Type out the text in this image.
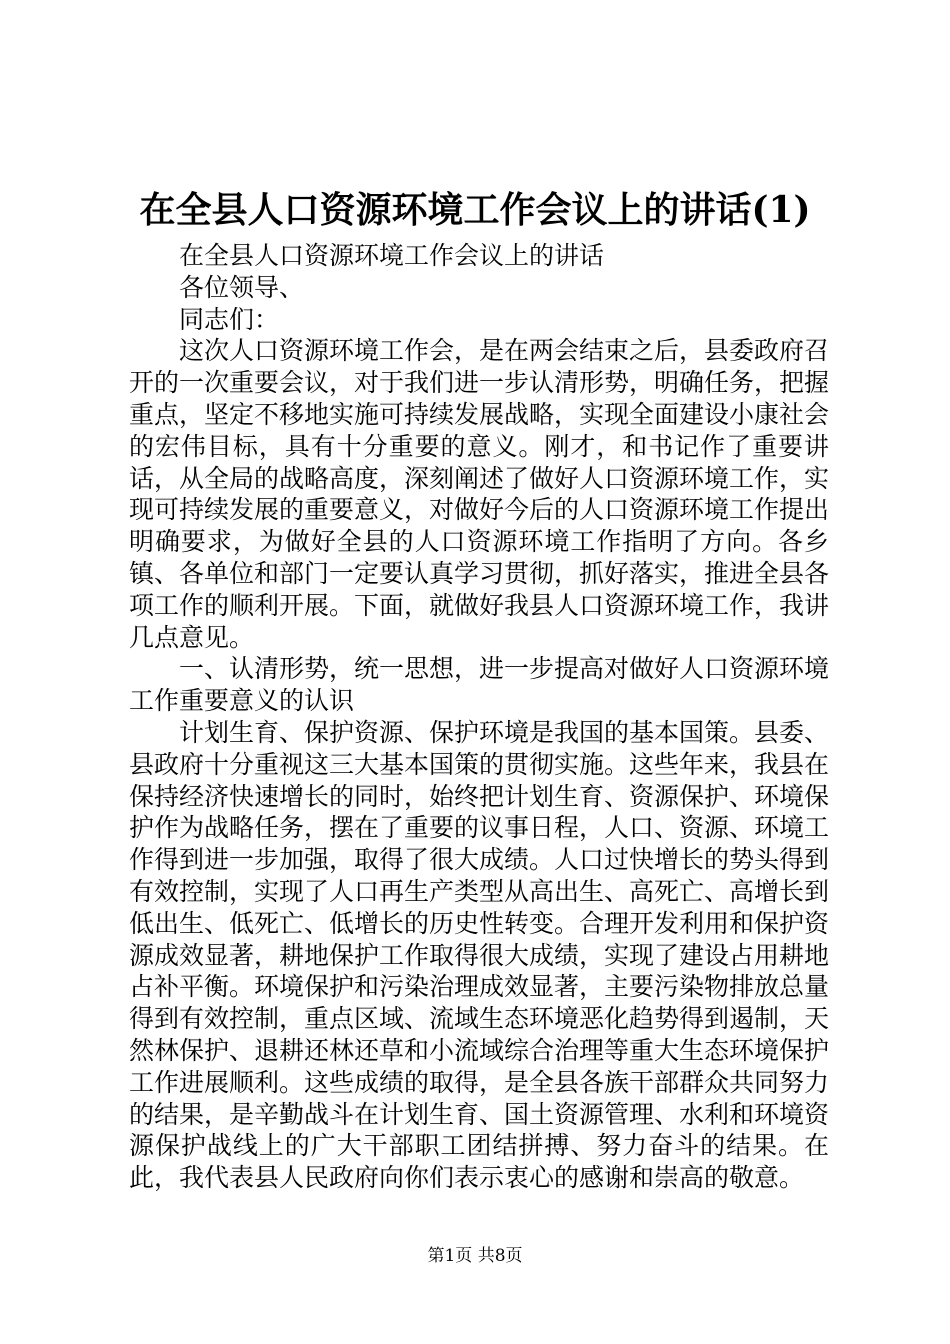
在全县人口资源环境工作会议上的讲话(1)

在全县人口资源环境工作会议上的讲话

各位领导、

同志们：

这次人口资源环境工作会，是在两会结束之后，县委政府召开的一次重要会议，对于我们进一步认清形势，明确任务，把握重点，坚定不移地实施可持续发展战略，实现全面建设小康社会的宏伟目标，具有十分重要的意义。刚才，和书记作了重要讲话，从全局的战略高度，深刻阐述了做好人口资源环境工作，实现可持续发展的重要意义，对做好今后的人口资源环境工作提出明确要求，为做好全县的人口资源环境工作指明了方向。各乡镇、各单位和部门一定要认真学习贯彻，抓好落实，推进全县各项工作的顺利开展。下面，就做好我县人口资源环境工作，我讲几点意见。

一、认清形势，统一思想，进一步提高对做好人口资源环境工作重要意义的认识

计划生育、保护资源、保护环境是我国的基本国策。县委、县政府十分重视这三大基本国策的贯彻实施。这些年来，我县在保持经济快速增长的同时，始终把计划生育、资源保护、环境保护作为战略任务，摆在了重要的议事日程，人口、资源、环境工作得到进一步加强，取得了很大成绩。人口过快增长的势头得到有效控制，实现了人口再生产类型从高出生、高死亡、高增长到低出生、低死亡、低增长的历史性转变。合理开发利用和保护资源成效显著，耕地保护工作取得很大成绩，实现了建设占用耕地占补平衡。环境保护和污染治理成效显著，主要污染物排放总量得到有效控制，重点区域、流域生态环境恶化趋势得到遏制，天然林保护、退耕还林还草和小流域综合治理等重大生态环境保护工作进展顺利。这些成绩的取得，是全县各族干部群众共同努力的结果，是辛勤战斗在计划生育、国土资源管理、水利和环境资源保护战线上的广大干部职工团结拼搏、努力奋斗的结果。在此，我代表县人民政府向你们表示衷心的感谢和崇高的敬意。

第1页 共8页
